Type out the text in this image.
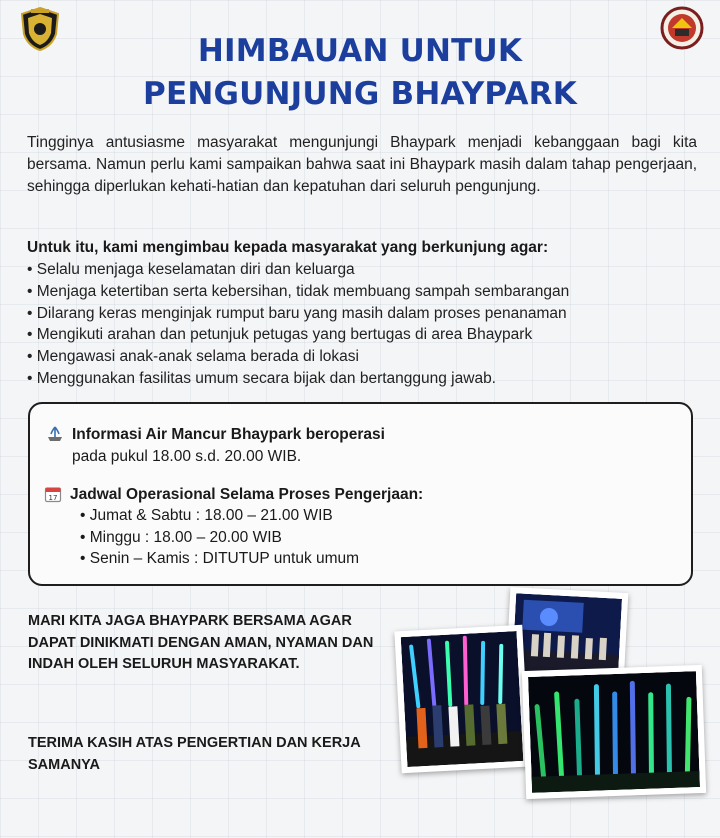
HIMBAUAN UNTUK
PENGUNJUNG BHAYPARK

Tingginya antusiasme masyarakat mengunjungi Bhaypark menjadi kebanggaan bagi kita bersama. Namun perlu kami sampaikan bahwa saat ini Bhaypark masih dalam tahap pengerjaan, sehingga diperlukan kehati-hatian dan kepatuhan dari seluruh pengunjung.

Untuk itu, kami mengimbau kepada masyarakat yang berkunjung agar:
• Selalu menjaga keselamatan diri dan keluarga
• Menjaga ketertiban serta kebersihan, tidak membuang sampah sembarangan
• Dilarang keras menginjak rumput baru yang masih dalam proses penanaman
• Mengikuti arahan dan petunjuk petugas yang bertugas di area Bhaypark
• Mengawasi anak-anak selama berada di lokasi
• Menggunakan fasilitas umum secara bijak dan bertanggung jawab.
Informasi Air Mancur Bhaypark beroperasi
pada pukul 18.00 s.d. 20.00 WIB.
17 Jadwal Operasional Selama Proses Pengerjaan:
• Jumat & Sabtu : 18.00 – 21.00 WIB
• Minggu : 18.00 – 20.00 WIB
• Senin – Kamis : DITUTUP untuk umum
MARI KITA JAGA BHAYPARK BERSAMA AGAR DAPAT DINIKMATI DENGAN AMAN, NYAMAN DAN INDAH OLEH SELURUH MASYARAKAT.
TERIMA KASIH ATAS PENGERTIAN DAN KERJA SAMANYA
